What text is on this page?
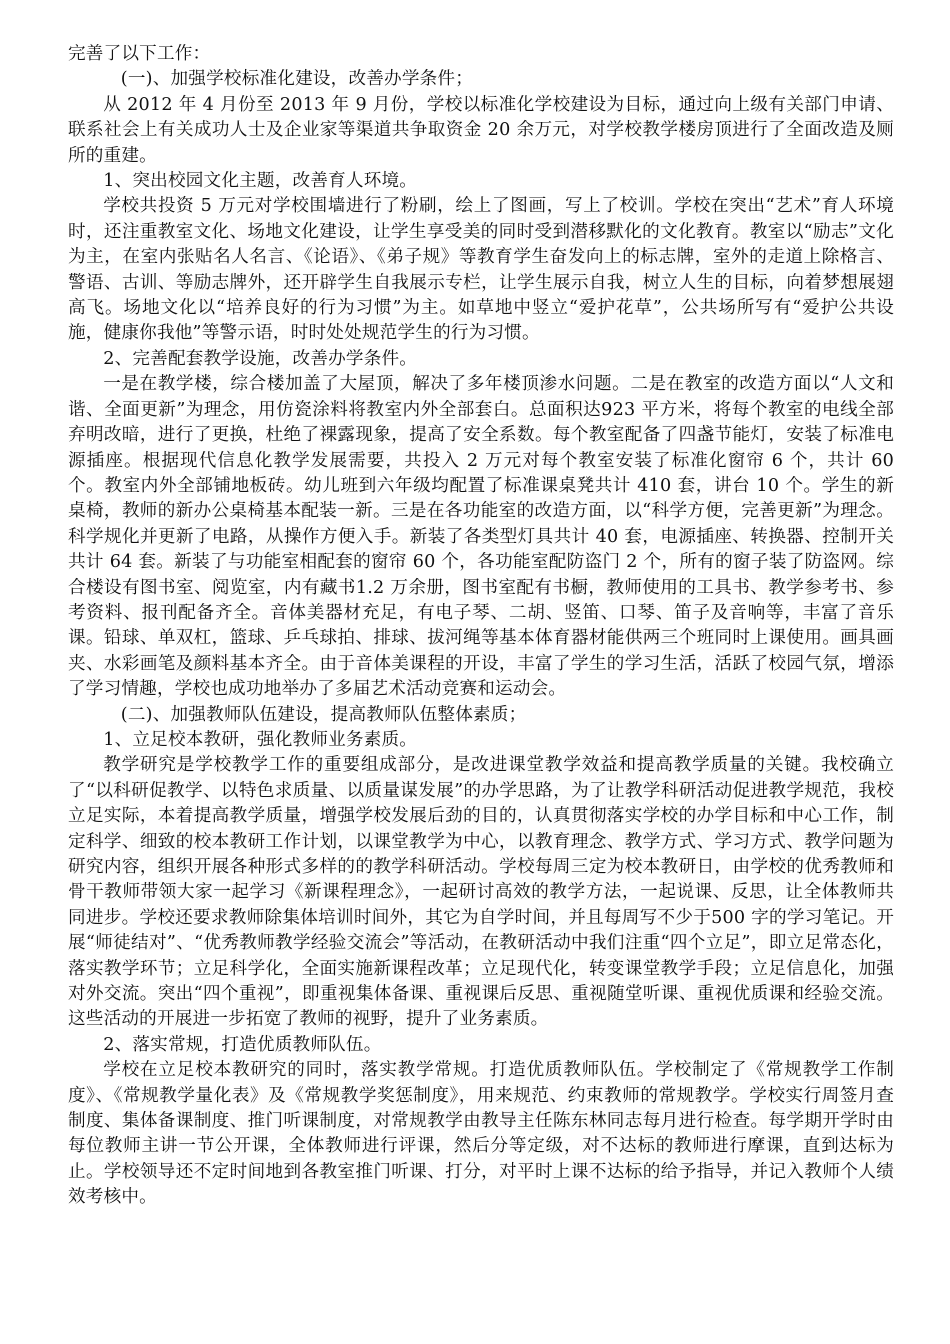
完善了以下工作：

(一)、加强学校标准化建设，改善办学条件；

从 2012 年 4 月份至 2013 年 9 月份，学校以标准化学校建设为目标，通过向上级有关部门申请、联系社会上有关成功人士及企业家等渠道共争取资金 20 余万元，对学校教学楼房顶进行了全面改造及厕所的重建。

1、突出校园文化主题，改善育人环境。

学校共投资 5 万元对学校围墙进行了粉刷，绘上了图画，写上了校训。学校在突出“艺术”育人环境时，还注重教室文化、场地文化建设，让学生享受美的同时受到潜移默化的文化教育。教室以“励志”文化为主，在室内张贴名人名言、《论语》、《弟子规》等教育学生奋发向上的标志牌，室外的走道上除格言、警语、古训、等励志牌外，还开辟学生自我展示专栏，让学生展示自我，树立人生的目标，向着梦想展翅高飞。场地文化以“培养良好的行为习惯”为主。如草地中竖立“爱护花草”，公共场所写有“爱护公共设施，健康你我他”等警示语，时时处处规范学生的行为习惯。

2、完善配套教学设施，改善办学条件。

一是在教学楼，综合楼加盖了大屋顶，解决了多年楼顶渗水问题。二是在教室的改造方面以“人文和谐、全面更新”为理念，用仿瓷涂料将教室内外全部套白。总面积达923 平方米，将每个教室的电线全部弃明改暗，进行了更换，杜绝了裸露现象，提高了安全系数。每个教室配备了四盏节能灯，安装了标准电源插座。根据现代信息化教学发展需要，共投入 2 万元对每个教室安装了标准化窗帘 6 个，共计 60 个。教室内外全部铺地板砖。幼儿班到六年级均配置了标准课桌凳共计 410 套，讲台 10 个。学生的新桌椅，教师的新办公桌椅基本配装一新。三是在各功能室的改造方面，以“科学方便，完善更新”为理念。科学规化并更新了电路，从操作方便入手。新装了各类型灯具共计 40 套，电源插座、转换器、控制开关共计 64 套。新装了与功能室相配套的窗帘 60 个，各功能室配防盗门 2 个，所有的窗子装了防盗网。综合楼设有图书室、阅览室，内有藏书1.2 万余册，图书室配有书橱，教师使用的工具书、教学参考书、参考资料、报刊配备齐全。音体美器材充足，有电子琴、二胡、竖笛、口琴、笛子及音响等，丰富了音乐课。铅球、单双杠，篮球、乒乓球拍、排球、拔河绳等基本体育器材能供两三个班同时上课使用。画具画夹、水彩画笔及颜料基本齐全。由于音体美课程的开设，丰富了学生的学习生活，活跃了校园气氛，增添了学习情趣，学校也成功地举办了多届艺术活动竞赛和运动会。

(二)、加强教师队伍建设，提高教师队伍整体素质；

1、立足校本教研，强化教师业务素质。

教学研究是学校教学工作的重要组成部分，是改进课堂教学效益和提高教学质量的关键。我校确立了“以科研促教学、以特色求质量、以质量谋发展”的办学思路，为了让教学科研活动促进教学规范，我校立足实际，本着提高教学质量，增强学校发展后劲的目的，认真贯彻落实学校的办学目标和中心工作，制定科学、细致的校本教研工作计划，以课堂教学为中心，以教育理念、教学方式、学习方式、教学问题为研究内容，组织开展各种形式多样的的教学科研活动。学校每周三定为校本教研日，由学校的优秀教师和骨干教师带领大家一起学习《新课程理念》，一起研讨高效的教学方法，一起说课、反思，让全体教师共同进步。学校还要求教师除集体培训时间外，其它为自学时间，并且每周写不少于500 字的学习笔记。开展“师徒结对”、“优秀教师教学经验交流会”等活动，在教研活动中我们注重“四个立足”，即立足常态化，落实教学环节；立足科学化，全面实施新课程改革；立足现代化，转变课堂教学手段；立足信息化，加强对外交流。突出“四个重视”，即重视集体备课、重视课后反思、重视随堂听课、重视优质课和经验交流。这些活动的开展进一步拓宽了教师的视野，提升了业务素质。

2、落实常规，打造优质教师队伍。

学校在立足校本教研究的同时，落实教学常规。打造优质教师队伍。学校制定了《常规教学工作制度》、《常规教学量化表》及《常规教学奖惩制度》，用来规范、约束教师的常规教学。学校实行周签月查制度、集体备课制度、推门听课制度，对常规教学由教导主任陈东林同志每月进行检查。每学期开学时由每位教师主讲一节公开课，全体教师进行评课，然后分等定级，对不达标的教师进行摩课，直到达标为止。学校领导还不定时间地到各教室推门听课、打分，对平时上课不达标的给予指导，并记入教师个人绩效考核中。
